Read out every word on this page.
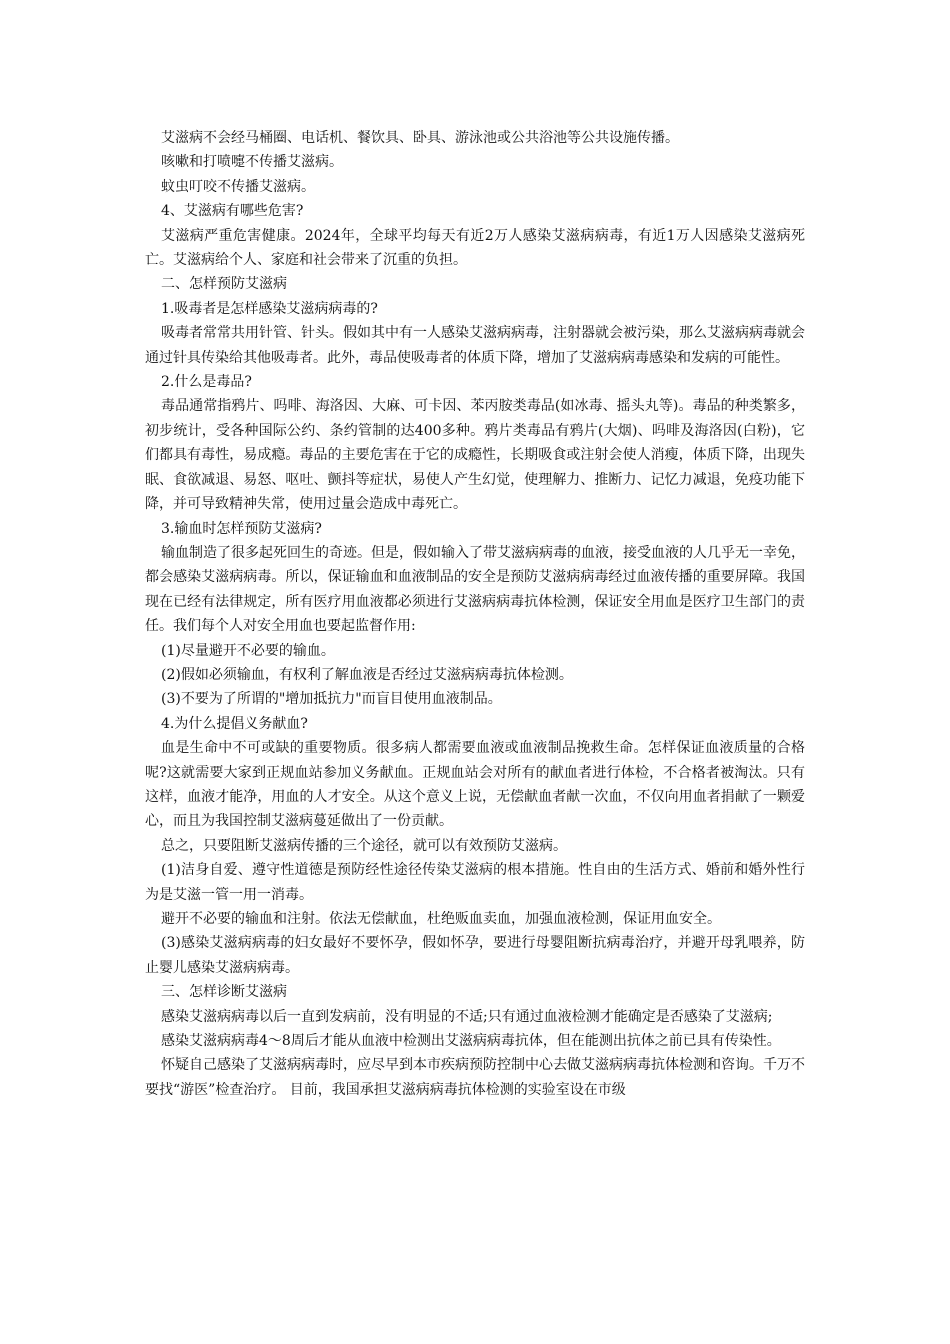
艾滋病不会经马桶圈、电话机、餐饮具、卧具、游泳池或公共浴池等公共设施传播。

咳嗽和打喷嚏不传播艾滋病。

蚊虫叮咬不传播艾滋病。

4、艾滋病有哪些危害?

艾滋病严重危害健康。2024年，全球平均每天有近2万人感染艾滋病病毒，有近1万人因感染艾滋病死亡。艾滋病给个人、家庭和社会带来了沉重的负担。

二、怎样预防艾滋病

1.吸毒者是怎样感染艾滋病病毒的?

吸毒者常常共用针管、针头。假如其中有一人感染艾滋病病毒，注射器就会被污染，那么艾滋病病毒就会通过针具传染给其他吸毒者。此外，毒品使吸毒者的体质下降，增加了艾滋病病毒感染和发病的可能性。

2.什么是毒品?

毒品通常指鸦片、吗啡、海洛因、大麻、可卡因、苯丙胺类毒品(如冰毒、摇头丸等)。毒品的种类繁多，初步统计，受各种国际公约、条约管制的达400多种。鸦片类毒品有鸦片(大烟)、吗啡及海洛因(白粉)，它们都具有毒性，易成瘾。毒品的主要危害在于它的成瘾性，长期吸食或注射会使人消瘦，体质下降，出现失眠、食欲减退、易怒、呕吐、颤抖等症状，易使人产生幻觉，使理解力、推断力、记忆力减退，免疫功能下降，并可导致精神失常，使用过量会造成中毒死亡。

3.输血时怎样预防艾滋病?

输血制造了很多起死回生的奇迹。但是，假如输入了带艾滋病病毒的血液，接受血液的人几乎无一幸免，都会感染艾滋病病毒。所以，保证输血和血液制品的安全是预防艾滋病病毒经过血液传播的重要屏障。我国现在已经有法律规定，所有医疗用血液都必须进行艾滋病病毒抗体检测，保证安全用血是医疗卫生部门的责任。我们每个人对安全用血也要起监督作用:

(1)尽量避开不必要的输血。

(2)假如必须输血，有权利了解血液是否经过艾滋病病毒抗体检测。

(3)不要为了所谓的"增加抵抗力"而盲目使用血液制品。

4.为什么提倡义务献血?

血是生命中不可或缺的重要物质。很多病人都需要血液或血液制品挽救生命。怎样保证血液质量的合格呢?这就需要大家到正规血站参加义务献血。正规血站会对所有的献血者进行体检，不合格者被淘汰。只有这样，血液才能净，用血的人才安全。从这个意义上说，无偿献血者献一次血，不仅向用血者捐献了一颗爱心，而且为我国控制艾滋病蔓延做出了一份贡献。

总之，只要阻断艾滋病传播的三个途径，就可以有效预防艾滋病。

(1)洁身自爱、遵守性道德是预防经性途径传染艾滋病的根本措施。性自由的生活方式、婚前和婚外性行为是艾滋一管一用一消毒。

避开不必要的输血和注射。依法无偿献血，杜绝贩血卖血，加强血液检测，保证用血安全。

(3)感染艾滋病病毒的妇女最好不要怀孕，假如怀孕，要进行母婴阻断抗病毒治疗，并避开母乳喂养，防止婴儿感染艾滋病病毒。

三、怎样诊断艾滋病

感染艾滋病病毒以后一直到发病前，没有明显的不适;只有通过血液检测才能确定是否感染了艾滋病;

感染艾滋病病毒4～8周后才能从血液中检测出艾滋病病毒抗体，但在能测出抗体之前已具有传染性。

怀疑自己感染了艾滋病病毒时，应尽早到本市疾病预防控制中心去做艾滋病病毒抗体检测和咨询。千万不要找“游医”检查治疗。 目前，我国承担艾滋病病毒抗体检测的实验室设在市级
